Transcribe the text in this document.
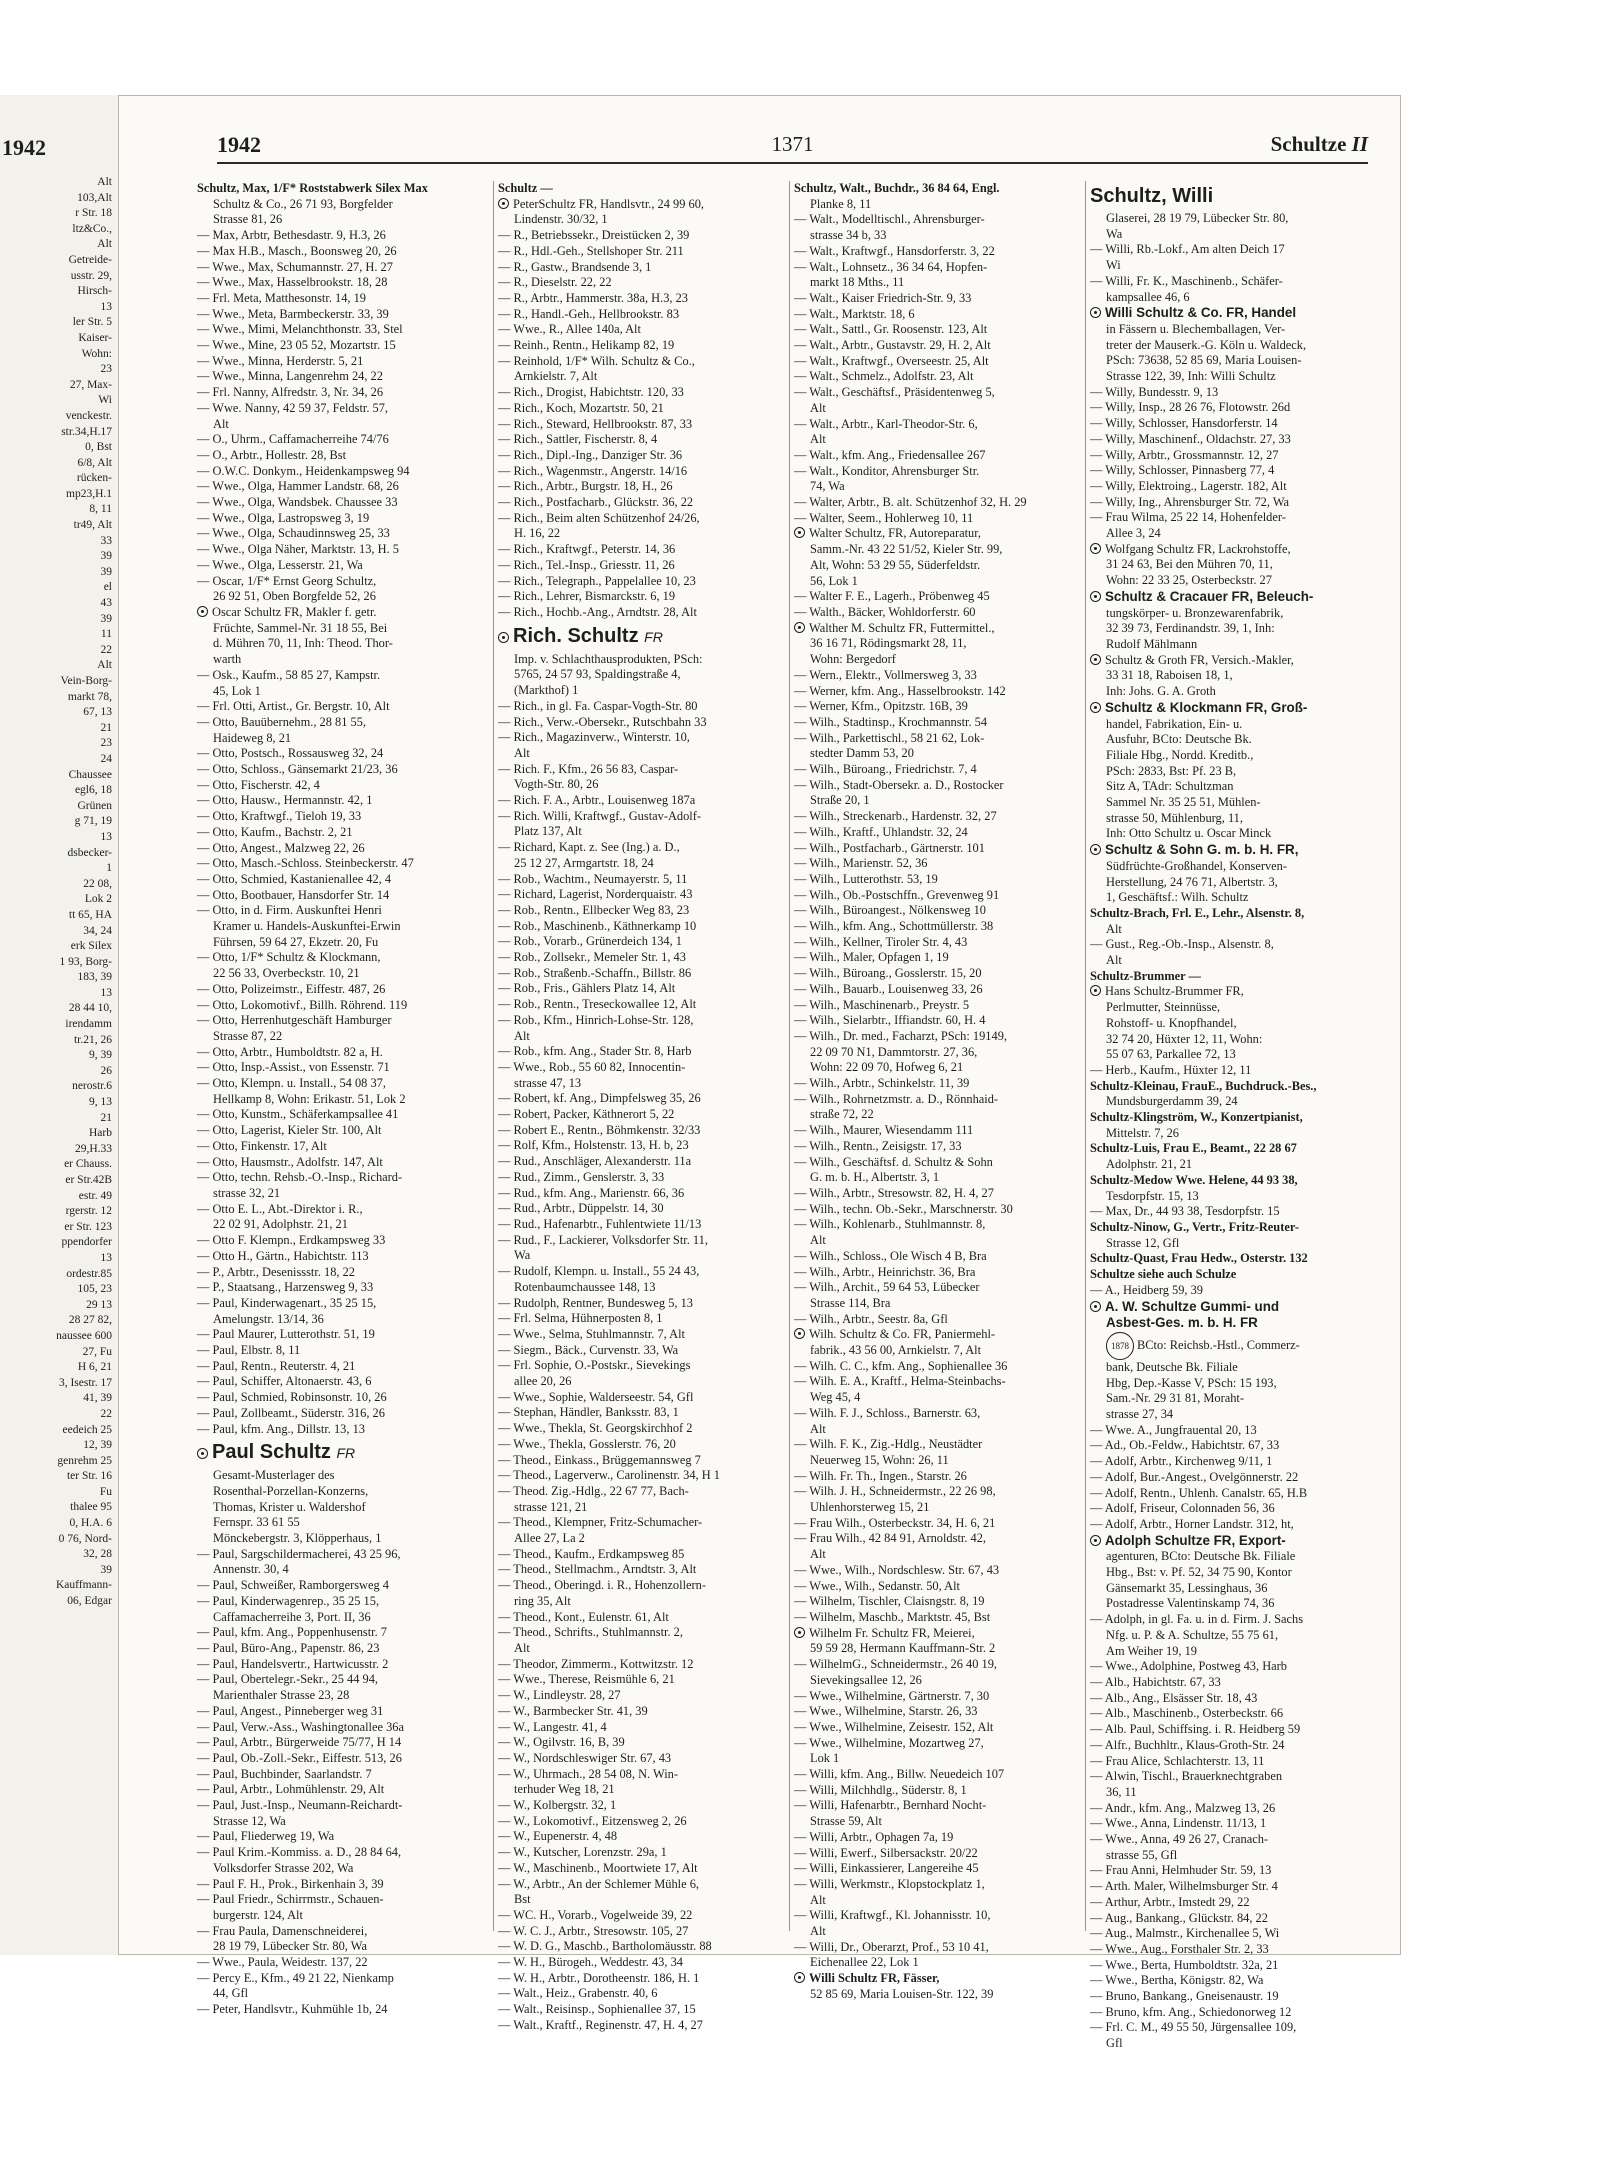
1942
Alt
103,Alt
r Str. 18
ltz&Co.,
Alt
Getreide-
usstr. 29,
Hirsch-
13
ler Str. 5
Kaiser-
Wohn:
23
27, Max-
Wi
venckestr.
str.34,H.17
0, Bst
6/8, Alt
rücken-
mp23,H.1
8, 11
tr49, Alt
33
39
39
el
43
39
11
22
Alt
Vein-Borg-
markt 78,
67, 13
21
23
24
Chaussee
egl6, 18
Grünen
g 71, 19
13
dsbecker-
1
22 08,
Lok 2
tt 65, HA
34, 24
erk Silex
1 93, Borg-
183, 39
13
28 44 10,
irendamm
tr.21, 26
9, 39
26
nerostr.6
9, 13
21
Harb
29,H.33
er Chauss.
er Str.42B
estr. 49
rgerstr. 12
er Str. 123
ppendorfer
13
ordestr.85
105, 23
29 13
28 27 82,
naussee 600
27, Fu
H 6, 21
3, Isestr. 17
41, 39
22
eedeich 25
12, 39
genrehm 25
ter Str. 16
Fu
thalee 95
0, H.A. 6
0 76, Nord-
32, 28
39
Kauffmann-
06, Edgar
1942	1371	Schultze II
Schultz, Max, 1/F* Roststabwerk Silex Max
Schultz & Co., 26 71 93, Borgfelder
Strasse 81, 26
— Max, Arbtr, Bethesdastr. 9, H.3, 26
— Max H.B., Masch., Boonsweg 20, 26
— Wwe., Max, Schumannstr. 27, H. 27
— Wwe., Max, Hasselbrookstr. 18, 28
— Frl. Meta, Matthesonstr. 14, 19
— Wwe., Meta, Barmbeckerstr. 33, 39
— Wwe., Mimi, Melanchthonstr. 33, Stel
— Wwe., Mine, 23 05 52, Mozartstr. 15
— Wwe., Minna, Herderstr. 5, 21
— Wwe., Minna, Langenrehm 24, 22
— Frl. Nanny, Alfredstr. 3, Nr. 34, 26
— Wwe. Nanny, 42 59 37, Feldstr. 57,
Alt
— O., Uhrm., Caffamacherreihe 74/76
— O., Arbtr., Hollestr. 28, Bst
— O.W.C. Donkym., Heidenkampsweg 94
— Wwe., Olga, Hammer Landstr. 68, 26
— Wwe., Olga, Wandsbek. Chaussee 33
— Wwe., Olga, Lastropsweg 3, 19
— Wwe., Olga, Schaudinnsweg 25, 33
— Wwe., Olga Näher, Marktstr. 13, H. 5
— Wwe., Olga, Lesserstr. 21, Wa
— Oscar, 1/F* Ernst Georg Schultz,
26 92 51, Oben Borgfelde 52, 26
Oscar Schultz FR, Makler f. getr.
Früchte, Sammel-Nr. 31 18 55, Bei
d. Mühren 70, 11, Inh: Theod. Thor-
warth
— Osk., Kaufm., 58 85 27, Kampstr.
45, Lok 1
— Frl. Otti, Artist., Gr. Bergstr. 10, Alt
— Otto, Bauübernehm., 28 81 55,
Haideweg 8, 21
— Otto, Postsch., Rossausweg 32, 24
— Otto, Schloss., Gänsemarkt 21/23, 36
— Otto, Fischerstr. 42, 4
— Otto, Hausw., Hermannstr. 42, 1
— Otto, Kraftwgf., Tieloh 19, 33
— Otto, Kaufm., Bachstr. 2, 21
— Otto, Angest., Malzweg 22, 26
— Otto, Masch.-Schloss. Steinbeckerstr. 47
— Otto, Schmied, Kastanienallee 42, 4
— Otto, Bootbauer, Hansdorfer Str. 14
— Otto, in d. Firm. Auskunftei Henri
Kramer u. Handels-Auskunftei-Erwin
Führsen, 59 64 27, Ekzetr. 20, Fu
— Otto, 1/F* Schultz & Klockmann,
22 56 33, Overbeckstr. 10, 21
— Otto, Polizeimstr., Eiffestr. 487, 26
— Otto, Lokomotivf., Billh. Röhrend. 119
— Otto, Herrenhutgeschäft Hamburger
Strasse 87, 22
— Otto, Arbtr., Humboldtstr. 82 a, H.
— Otto, Insp.-Assist., von Essenstr. 71
— Otto, Klempn. u. Install., 54 08 37,
Hellkamp 8, Wohn: Erikastr. 51, Lok 2
— Otto, Kunstm., Schäferkampsallee 41
— Otto, Lagerist, Kieler Str. 100, Alt
— Otto, Finkenstr. 17, Alt
— Otto, Hausmstr., Adolfstr. 147, Alt
— Otto, techn. Rehsb.-O.-Insp., Richard-
strasse 32, 21
— Otto E. L., Abt.-Direktor i. R.,
22 02 91, Adolphstr. 21, 21
— Otto F. Klempn., Erdkampsweg 33
— Otto H., Gärtn., Habichtstr. 113
— P., Arbtr., Desenissstr. 18, 22
— P., Staatsang., Harzensweg 9, 33
— Paul, Kinderwagenart., 35 25 15,
Amelungstr. 13/14, 36
— Paul Maurer, Lutterothstr. 51, 19
— Paul, Elbstr. 8, 11
— Paul, Rentn., Reuterstr. 4, 21
— Paul, Schiffer, Altonaerstr. 43, 6
— Paul, Schmied, Robinsonstr. 10, 26
— Paul, Zollbeamt., Süderstr. 316, 26
— Paul, kfm. Ang., Dillstr. 13, 13
Paul Schultz FR
Gesamt-Musterlager des
Rosenthal-Porzellan-Konzerns,
Thomas, Krister u. Waldershof
Fernspr. 33 61 55
Mönckebergstr. 3, Klöpperhaus, 1
— Paul, Sargschildermacherei, 43 25 96,
Annenstr. 30, 4
— Paul, Schweißer, Ramborgersweg 4
— Paul, Kinderwagenrep., 35 25 15,
Caffamacherreihe 3, Port. II, 36
— Paul, kfm. Ang., Poppenhusenstr. 7
— Paul, Büro-Ang., Papenstr. 86, 23
— Paul, Handelsvertr., Hartwicusstr. 2
— Paul, Obertelegr.-Sekr., 25 44 94,
Marienthaler Strasse 23, 28
— Paul, Angest., Pinneberger weg 31
— Paul, Verw.-Ass., Washingtonallee 36a
— Paul, Arbtr., Bürgerweide 75/77, H 14
— Paul, Ob.-Zoll.-Sekr., Eiffestr. 513, 26
— Paul, Buchbinder, Saarlandstr. 7
— Paul, Arbtr., Lohmühlenstr. 29, Alt
— Paul, Just.-Insp., Neumann-Reichardt-
Strasse 12, Wa
— Paul, Fliederweg 19, Wa
— Paul Krim.-Kommiss. a. D., 28 84 64,
Volksdorfer Strasse 202, Wa
— Paul F. H., Prok., Birkenhain 3, 39
— Paul Friedr., Schirrmstr., Schauen-
burgerstr. 124, Alt
— Frau Paula, Damenschneiderei,
28 19 79, Lübecker Str. 80, Wa
— Wwe., Paula, Weidestr. 137, 22
— Percy E., Kfm., 49 21 22, Nienkamp
44, Gfl
— Peter, Handlsvtr., Kuhmühle 1b, 24
Schultz —
PeterSchultz FR, Handlsvtr., 24 99 60,
Lindenstr. 30/32, 1
— R., Betriebssekr., Dreistücken 2, 39
— R., Hdl.-Geh., Stellshoper Str. 211
— R., Gastw., Brandsende 3, 1
— R., Dieselstr. 22, 22
— R., Arbtr., Hammerstr. 38a, H.3, 23
— R., Handl.-Geh., Hellbrookstr. 83
— Wwe., R., Allee 140a, Alt
— Reinh., Rentn., Helikamp 82, 19
— Reinhold, 1/F* Wilh. Schultz & Co.,
Arnkielstr. 7, Alt
— Rich., Drogist, Habichtstr. 120, 33
— Rich., Koch, Mozartstr. 50, 21
— Rich., Steward, Hellbrookstr. 87, 33
— Rich., Sattler, Fischerstr. 8, 4
— Rich., Dipl.-Ing., Danziger Str. 36
— Rich., Wagenmstr., Angerstr. 14/16
— Rich., Arbtr., Burgstr. 18, H., 26
— Rich., Postfacharb., Glückstr. 36, 22
— Rich., Beim alten Schützenhof 24/26,
H. 16, 22
— Rich., Kraftwgf., Peterstr. 14, 36
— Rich., Tel.-Insp., Griesstr. 11, 26
— Rich., Telegraph., Pappelallee 10, 23
— Rich., Lehrer, Bismarckstr. 6, 19
— Rich., Hochb.-Ang., Arndtstr. 28, Alt
Rich. Schultz FR
Imp. v. Schlachthausprodukten, PSch:
5765, 24 57 93, Spaldingstraße 4,
(Markthof) 1
— Rich., in gl. Fa. Caspar-Vogth-Str. 80
— Rich., Verw.-Obersekr., Rutschbahn 33
— Rich., Magazinverw., Winterstr. 10,
Alt
— Rich. F., Kfm., 26 56 83, Caspar-
Vogth-Str. 80, 26
— Rich. F. A., Arbtr., Louisenweg 187a
— Rich. Willi, Kraftwgf., Gustav-Adolf-
Platz 137, Alt
— Richard, Kapt. z. See (Ing.) a. D.,
25 12 27, Armgartstr. 18, 24
— Rob., Wachtm., Neumayerstr. 5, 11
— Richard, Lagerist, Norderquaistr. 43
— Rob., Rentn., Ellbecker Weg 83, 23
— Rob., Maschinenb., Käthnerkamp 10
— Rob., Vorarb., Grünerdeich 134, 1
— Rob., Zollsekr., Memeler Str. 1, 43
— Rob., Straßenb.-Schaffn., Billstr. 86
— Rob., Fris., Gählers Platz 14, Alt
— Rob., Rentn., Treseckowallee 12, Alt
— Rob., Kfm., Hinrich-Lohse-Str. 128,
Alt
— Rob., kfm. Ang., Stader Str. 8, Harb
— Wwe., Rob., 55 60 82, Innocentin-
strasse 47, 13
— Robert, kf. Ang., Dimpfelsweg 35, 26
— Robert, Packer, Käthnerort 5, 22
— Robert E., Rentn., Böhmkenstr. 32/33
— Rolf, Kfm., Holstenstr. 13, H. b, 23
— Rud., Anschläger, Alexanderstr. 11a
— Rud., Zimm., Genslerstr. 3, 33
— Rud., kfm. Ang., Marienstr. 66, 36
— Rud., Arbtr., Düppelstr. 14, 30
— Rud., Hafenarbtr., Fuhlentwiete 11/13
— Rud., F., Lackierer, Volksdorfer Str. 11,
Wa
— Rudolf, Klempn. u. Install., 55 24 43,
Rotenbaumchaussee 148, 13
— Rudolph, Rentner, Bundesweg 5, 13
— Frl. Selma, Hühnerposten 8, 1
— Wwe., Selma, Stuhlmannstr. 7, Alt
— Siegm., Bäck., Curvenstr. 33, Wa
— Frl. Sophie, O.-Postskr., Sievekings
allee 20, 26
— Wwe., Sophie, Walderseestr. 54, Gfl
— Stephan, Händler, Banksstr. 83, 1
— Wwe., Thekla, St. Georgskirchhof 2
— Wwe., Thekla, Gosslerstr. 76, 20
— Theod., Einkass., Brüggemannsweg 7
— Theod., Lagerverw., Carolinenstr. 34, H 1
— Theod. Zig.-Hdlg., 22 67 77, Bach-
strasse 121, 21
— Theod., Klempner, Fritz-Schumacher-
Allee 27, La 2
— Theod., Kaufm., Erdkampsweg 85
— Theod., Stellmachm., Arndtstr. 3, Alt
— Theod., Oberingd. i. R., Hohenzollern-
ring 35, Alt
— Theod., Kont., Eulenstr. 61, Alt
— Theod., Schrifts., Stuhlmannstr. 2,
Alt
— Theodor, Zimmerm., Kottwitzstr. 12
— Wwe., Therese, Reismühle 6, 21
— W., Lindleystr. 28, 27
— W., Barmbecker Str. 41, 39
— W., Langestr. 41, 4
— W., Ogilvstr. 16, B, 39
— W., Nordschleswiger Str. 67, 43
— W., Uhrmach., 28 54 08, N. Win-
terhuder Weg 18, 21
— W., Kolbergstr. 32, 1
— W., Lokomotivf., Eitzensweg 2, 26
— W., Eupenerstr. 4, 48
— W., Kutscher, Lorenzstr. 29a, 1
— W., Maschinenb., Moortwiete 17, Alt
— W., Arbtr., An der Schlemer Mühle 6,
Bst
— WC. H., Vorarb., Vogelweide 39, 22
— W. C. J., Arbtr., Stresowstr. 105, 27
— W. D. G., Maschb., Bartholomäusstr. 88
— W. H., Bürogeh., Weddestr. 43, 34
— W. H., Arbtr., Dorotheenstr. 186, H. 1
— Walt., Heiz., Grabenstr. 40, 6
— Walt., Reisinsp., Sophienallee 37, 15
— Walt., Kraftf., Reginenstr. 47, H. 4, 27
Schultz, Walt., Buchdr., 36 84 64, Engl.
Planke 8, 11
— Walt., Modelltischl., Ahrensburger-
strasse 34 b, 33
— Walt., Kraftwgf., Hansdorferstr. 3, 22
— Walt., Lohnsetz., 36 34 64, Hopfen-
markt 18 Mths., 11
— Walt., Kaiser Friedrich-Str. 9, 33
— Walt., Marktstr. 18, 6
— Walt., Sattl., Gr. Roosenstr. 123, Alt
— Walt., Arbtr., Gustavstr. 29, H. 2, Alt
— Walt., Kraftwgf., Overseestr. 25, Alt
— Walt., Schmelz., Adolfstr. 23, Alt
— Walt., Geschäftsf., Präsidentenweg 5,
Alt
— Walt., Arbtr., Karl-Theodor-Str. 6,
Alt
— Walt., kfm. Ang., Friedensallee 267
— Walt., Konditor, Ahrensburger Str.
74, Wa
— Walter, Arbtr., B. alt. Schützenhof 32, H. 29
— Walter, Seem., Hohlerweg 10, 11
Walter Schultz, FR, Autoreparatur,
Samm.-Nr. 43 22 51/52, Kieler Str. 99,
Alt, Wohn: 53 29 55, Süderfeldstr.
56, Lok 1
— Walter F. E., Lagerh., Pröbenweg 45
— Walth., Bäcker, Wohldorferstr. 60
Walther M. Schultz FR, Futtermittel.,
36 16 71, Rödingsmarkt 28, 11,
Wohn: Bergedorf
— Wern., Elektr., Vollmersweg 3, 33
— Werner, kfm. Ang., Hasselbrookstr. 142
— Werner, Kfm., Opitzstr. 16B, 39
— Wilh., Stadtinsp., Krochmannstr. 54
— Wilh., Parkettischl., 58 21 62, Lok-
stedter Damm 53, 20
— Wilh., Büroang., Friedrichstr. 7, 4
— Wilh., Stadt-Obersekr. a. D., Rostocker
Straße 20, 1
— Wilh., Streckenarb., Hardenstr. 32, 27
— Wilh., Kraftf., Uhlandstr. 32, 24
— Wilh., Postfacharb., Gärtnerstr. 101
— Wilh., Marienstr. 52, 36
— Wilh., Lutterothstr. 53, 19
— Wilh., Ob.-Postschffn., Grevenweg 91
— Wilh., Büroangest., Nölkensweg 10
— Wilh., kfm. Ang., Schottmüllerstr. 38
— Wilh., Kellner, Tiroler Str. 4, 43
— Wilh., Maler, Opfagen 1, 19
— Wilh., Büroang., Gosslerstr. 15, 20
— Wilh., Bauarb., Louisenweg 33, 26
— Wilh., Maschinenarb., Preystr. 5
— Wilh., Sielarbtr., Iffiandstr. 60, H. 4
— Wilh., Dr. med., Facharzt, PSch: 19149,
22 09 70 N1, Dammtorstr. 27, 36,
Wohn: 22 09 70, Hofweg 6, 21
— Wilh., Arbtr., Schinkelstr. 11, 39
— Wilh., Rohrnetzmstr. a. D., Rönnhaid-
straße 72, 22
— Wilh., Maurer, Wiesendamm 111
— Wilh., Rentn., Zeisigstr. 17, 33
— Wilh., Geschäftsf. d. Schultz & Sohn
G. m. b. H., Albertstr. 3, 1
— Wilh., Arbtr., Stresowstr. 82, H. 4, 27
— Wilh., techn. Ob.-Sekr., Marschnerstr. 30
— Wilh., Kohlenarb., Stuhlmannstr. 8,
Alt
— Wilh., Schloss., Ole Wisch 4 B, Bra
— Wilh., Arbtr., Heinrichstr. 36, Bra
— Wilh., Archit., 59 64 53, Lübecker
Strasse 114, Bra
— Wilh., Arbtr., Seestr. 8a, Gfl
Wilh. Schultz & Co. FR, Paniermehl-
fabrik., 43 56 00, Arnkielstr. 7, Alt
— Wilh. C. C., kfm. Ang., Sophienallee 36
— Wilh. E. A., Kraftf., Helma-Steinbachs-
Weg 45, 4
— Wilh. F. J., Schloss., Barnerstr. 63,
Alt
— Wilh. F. K., Zig.-Hdlg., Neustädter
Neuerweg 15, Wohn: 26, 11
— Wilh. Fr. Th., Ingen., Starstr. 26
— Wilh. J. H., Schneidermstr., 22 26 98,
Uhlenhorsterweg 15, 21
— Frau Wilh., Osterbeckstr. 34, H. 6, 21
— Frau Wilh., 42 84 91, Arnoldstr. 42,
Alt
— Wwe., Wilh., Nordschlesw. Str. 67, 43
— Wwe., Wilh., Sedanstr. 50, Alt
— Wilhelm, Tischler, Claisngstr. 8, 19
— Wilhelm, Maschb., Marktstr. 45, Bst
Wilhelm Fr. Schultz FR, Meierei,
59 59 28, Hermann Kauffmann-Str. 2
— WilhelmG., Schneidermstr., 26 40 19,
Sievekingsallee 12, 26
— Wwe., Wilhelmine, Gärtnerstr. 7, 30
— Wwe., Wilhelmine, Starstr. 26, 33
— Wwe., Wilhelmine, Zeisestr. 152, Alt
— Wwe., Wilhelmine, Mozartweg 27,
Lok 1
— Willi, kfm. Ang., Billw. Neuedeich 107
— Willi, Milchhdlg., Süderstr. 8, 1
— Willi, Hafenarbtr., Bernhard Nocht-
Strasse 59, Alt
— Willi, Arbtr., Ophagen 7a, 19
— Willi, Ewerf., Silbersackstr. 20/22
— Willi, Einkassierer, Langereihe 45
— Willi, Werkmstr., Klopstockplatz 1,
Alt
— Willi, Kraftwgf., Kl. Johannisstr. 10,
Alt
— Willi, Dr., Oberarzt, Prof., 53 10 41,
Eichenallee 22, Lok 1
Willi Schultz FR, Fässer,
52 85 69, Maria Louisen-Str. 122, 39
Schultz, Willi
Glaserei, 28 19 79, Lübecker Str. 80,
Wa
— Willi, Rb.-Lokf., Am alten Deich 17
Wi
— Willi, Fr. K., Maschinenb., Schäfer-
kampsallee 46, 6
Willi Schultz & Co. FR, Handel
in Fässern u. Blechemballagen, Ver-
treter der Mauserk.-G. Köln u. Waldeck,
PSch: 73638, 52 85 69, Maria Louisen-
Strasse 122, 39, Inh: Willi Schultz
— Willy, Bundesstr. 9, 13
— Willy, Insp., 28 26 76, Flotowstr. 26d
— Willy, Schlosser, Hansdorferstr. 14
— Willy, Maschinenf., Oldachstr. 27, 33
— Willy, Arbtr., Grossmannstr. 12, 27
— Willy, Schlosser, Pinnasberg 77, 4
— Willy, Elektroing., Lagerstr. 182, Alt
— Willy, Ing., Ahrensburger Str. 72, Wa
— Frau Wilma, 25 22 14, Hohenfelder-
Allee 3, 24
Wolfgang Schultz FR, Lackrohstoffe,
31 24 63, Bei den Mühren 70, 11,
Wohn: 22 33 25, Osterbeckstr. 27
Schultz & Cracauer FR, Beleuch-
tungskörper- u. Bronzewarenfabrik,
32 39 73, Ferdinandstr. 39, 1, Inh:
Rudolf Mählmann
Schultz & Groth FR, Versich.-Makler,
33 31 18, Raboisen 18, 1,
Inh: Johs. G. A. Groth
Schultz & Klockmann FR, Groß-
handel, Fabrikation, Ein- u.
Ausfuhr, BCto: Deutsche Bk.
Filiale Hbg., Nordd. Kreditb.,
PSch: 2833, Bst: Pf. 23 B,
Sitz A, TAdr: Schultzman
Sammel Nr. 35 25 51, Mühlen-
strasse 50, Mühlenburg, 11,
Inh: Otto Schultz u. Oscar Minck
Schultz & Sohn G. m. b. H. FR,
Südfrüchte-Großhandel, Konserven-
Herstellung, 24 76 71, Albertstr. 3,
1, Geschäftsf.: Wilh. Schultz
Schultz-Brach, Frl. E., Lehr., Alsenstr. 8,
Alt
— Gust., Reg.-Ob.-Insp., Alsenstr. 8,
Alt
Schultz-Brummer —
Hans Schultz-Brummer FR,
Perlmutter, Steinnüsse,
Rohstoff- u. Knopfhandel,
32 74 20, Hüxter 12, 11, Wohn:
55 07 63, Parkallee 72, 13
— Herb., Kaufm., Hüxter 12, 11
Schultz-Kleinau, FrauE., Buchdruck.-Bes.,
Mundsburgerdamm 39, 24
Schultz-Klingström, W., Konzertpianist,
Mittelstr. 7, 26
Schultz-Luis, Frau E., Beamt., 22 28 67
Adolphstr. 21, 21
Schultz-Medow Wwe. Helene, 44 93 38,
Tesdorpfstr. 15, 13
— Max, Dr., 44 93 38, Tesdorpfstr. 15
Schultz-Ninow, G., Vertr., Fritz-Reuter-
Strasse 12, Gfl
Schultz-Quast, Frau Hedw., Osterstr. 132
Schultze siehe auch Schulze
— A., Heidberg 59, 39
A. W. Schultze Gummi- und
Asbest-Ges. m. b. H. FR
1878 BCto: Reichsb.-Hstl., Commerz-
bank, Deutsche Bk. Filiale
Hbg, Dep.-Kasse V, PSch: 15 193,
Sam.-Nr. 29 31 81, Moraht-
strasse 27, 34
— Wwe. A., Jungfrauental 20, 13
— Ad., Ob.-Feldw., Habichtstr. 67, 33
— Adolf, Arbtr., Kirchenweg 9/11, 1
— Adolf, Bur.-Angest., Ovelgönnerstr. 22
— Adolf, Rentn., Uhlenh. Canalstr. 65, H.B
— Adolf, Friseur, Colonnaden 56, 36
— Adolf, Arbtr., Horner Landstr. 312, ht,
Adolph Schultze FR, Export-
agenturen, BCto: Deutsche Bk. Filiale
Hbg., Bst: v. Pf. 52, 34 75 90, Kontor
Gänsemarkt 35, Lessinghaus, 36
Postadresse Valentinskamp 74, 36
— Adolph, in gl. Fa. u. in d. Firm. J. Sachs
Nfg. u. P. & A. Schultze, 55 75 61,
Am Weiher 19, 19
— Wwe., Adolphine, Postweg 43, Harb
— Alb., Habichtstr. 67, 33
— Alb., Ang., Elsässer Str. 18, 43
— Alb., Maschinenb., Osterbeckstr. 66
— Alb. Paul, Schiffsing. i. R. Heidberg 59
— Alfr., Buchhltr., Klaus-Groth-Str. 24
— Frau Alice, Schlachterstr. 13, 11
— Alwin, Tischl., Brauerknechtgraben
36, 11
— Andr., kfm. Ang., Malzweg 13, 26
— Wwe., Anna, Lindenstr. 11/13, 1
— Wwe., Anna, 49 26 27, Cranach-
strasse 55, Gfl
— Frau Anni, Helmhuder Str. 59, 13
— Arth. Maler, Wilhelmsburger Str. 4
— Arthur, Arbtr., Imstedt 29, 22
— Aug., Bankang., Glückstr. 84, 22
— Aug., Malmstr., Kirchenallee 5, Wi
— Wwe., Aug., Forsthaler Str. 2, 33
— Wwe., Berta, Humboldtstr. 32a, 21
— Wwe., Bertha, Königstr. 82, Wa
— Bruno, Bankang., Gneisenaustr. 19
— Bruno, kfm. Ang., Schiedonorweg 12
— Frl. C. M., 49 55 50, Jürgensallee 109,
Gfl
